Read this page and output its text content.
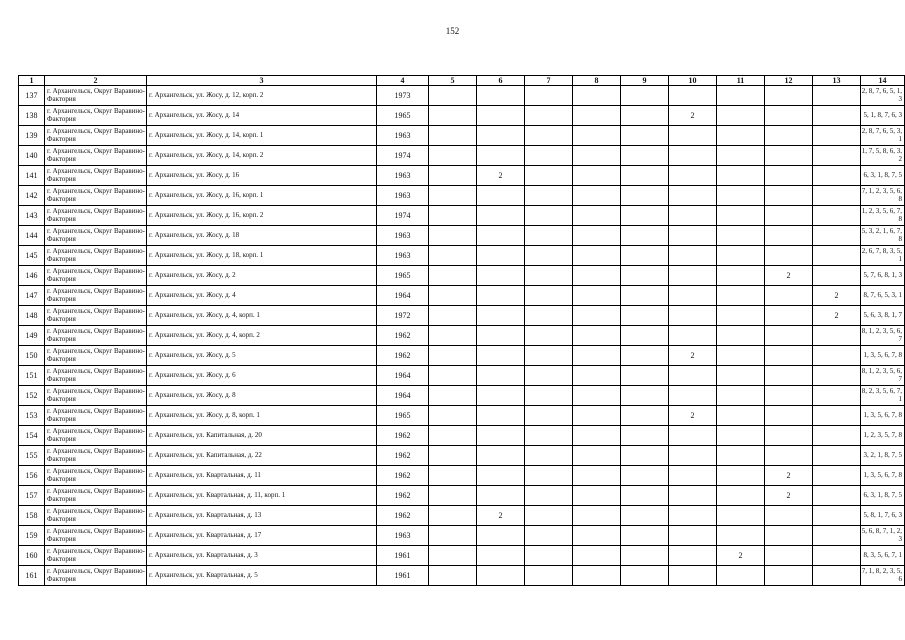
152
1	2	3	4	5	6	7	8	9	10	11	12	13	14
137	г. Архангельск, Округ Варавино-Фактория	г. Архангельск, ул. Жосу, д. 12, корп. 2	1973										2, 8, 7, 6, 5, 1, 3
138	г. Архангельск, Округ Варавино-Фактория	г. Архангельск, ул. Жосу, д. 14	1965						2				5, 1, 8, 7, 6, 3
139	г. Архангельск, Округ Варавино-Фактория	г. Архангельск, ул. Жосу, д. 14, корп. 1	1963										2, 8, 7, 6, 5, 3, 1
140	г. Архангельск, Округ Варавино-Фактория	г. Архангельск, ул. Жосу, д. 14, корп. 2	1974										1, 7, 5, 8, 6, 3, 2
141	г. Архангельск, Округ Варавино-Фактория	г. Архангельск, ул. Жосу, д. 16	1963		2								6, 3, 1, 8, 7, 5
142	г. Архангельск, Округ Варавино-Фактория	г. Архангельск, ул. Жосу, д. 16, корп. 1	1963										7, 1, 2, 3, 5, 6, 8
143	г. Архангельск, Округ Варавино-Фактория	г. Архангельск, ул. Жосу, д. 16, корп. 2	1974										1, 2, 3, 5, 6, 7, 8
144	г. Архангельск, Округ Варавино-Фактория	г. Архангельск, ул. Жосу, д. 18	1963										5, 3, 2, 1, 6, 7, 8
145	г. Архангельск, Округ Варавино-Фактория	г. Архангельск, ул. Жосу, д. 18, корп. 1	1963										2, 6, 7, 8, 3, 5, 1
146	г. Архангельск, Округ Варавино-Фактория	г. Архангельск, ул. Жосу, д. 2	1965								2		5, 7, 6, 8, 1, 3
147	г. Архангельск, Округ Варавино-Фактория	г. Архангельск, ул. Жосу, д. 4	1964									2	8, 7, 6, 5, 3, 1
148	г. Архангельск, Округ Варавино-Фактория	г. Архангельск, ул. Жосу, д. 4, корп. 1	1972									2	5, 6, 3, 8, 1, 7
149	г. Архангельск, Округ Варавино-Фактория	г. Архангельск, ул. Жосу, д. 4, корп. 2	1962										8, 1, 2, 3, 5, 6, 7
150	г. Архангельск, Округ Варавино-Фактория	г. Архангельск, ул. Жосу, д. 5	1962						2				1, 3, 5, 6, 7, 8
151	г. Архангельск, Округ Варавино-Фактория	г. Архангельск, ул. Жосу, д. 6	1964										8, 1, 2, 3, 5, 6, 7
152	г. Архангельск, Округ Варавино-Фактория	г. Архангельск, ул. Жосу, д. 8	1964										8, 2, 3, 5, 6, 7, 1
153	г. Архангельск, Округ Варавино-Фактория	г. Архангельск, ул. Жосу, д. 8, корп. 1	1965						2				1, 3, 5, 6, 7, 8
154	г. Архангельск, Округ Варавино-Фактория	г. Архангельск, ул. Капитальная, д. 20	1962										1, 2, 3, 5, 7, 8
155	г. Архангельск, Округ Варавино-Фактория	г. Архангельск, ул. Капитальная, д. 22	1962										3, 2, 1, 8, 7, 5
156	г. Архангельск, Округ Варавино-Фактория	г. Архангельск, ул. Квартальная, д. 11	1962								2		1, 3, 5, 6, 7, 8
157	г. Архангельск, Округ Варавино-Фактория	г. Архангельск, ул. Квартальная, д. 11, корп. 1	1962								2		6, 3, 1, 8, 7, 5
158	г. Архангельск, Округ Варавино-Фактория	г. Архангельск, ул. Квартальная, д. 13	1962		2								5, 8, 1, 7, 6, 3
159	г. Архангельск, Округ Варавино-Фактория	г. Архангельск, ул. Квартальная, д. 17	1963										5, 6, 8, 7, 1, 2, 3
160	г. Архангельск, Округ Варавино-Фактория	г. Архангельск, ул. Квартальная, д. 3	1961							2			8, 3, 5, 6, 7, 1
161	г. Архангельск, Округ Варавино-Фактория	г. Архангельск, ул. Квартальная, д. 5	1961										7, 1, 8, 2, 3, 5, 6
